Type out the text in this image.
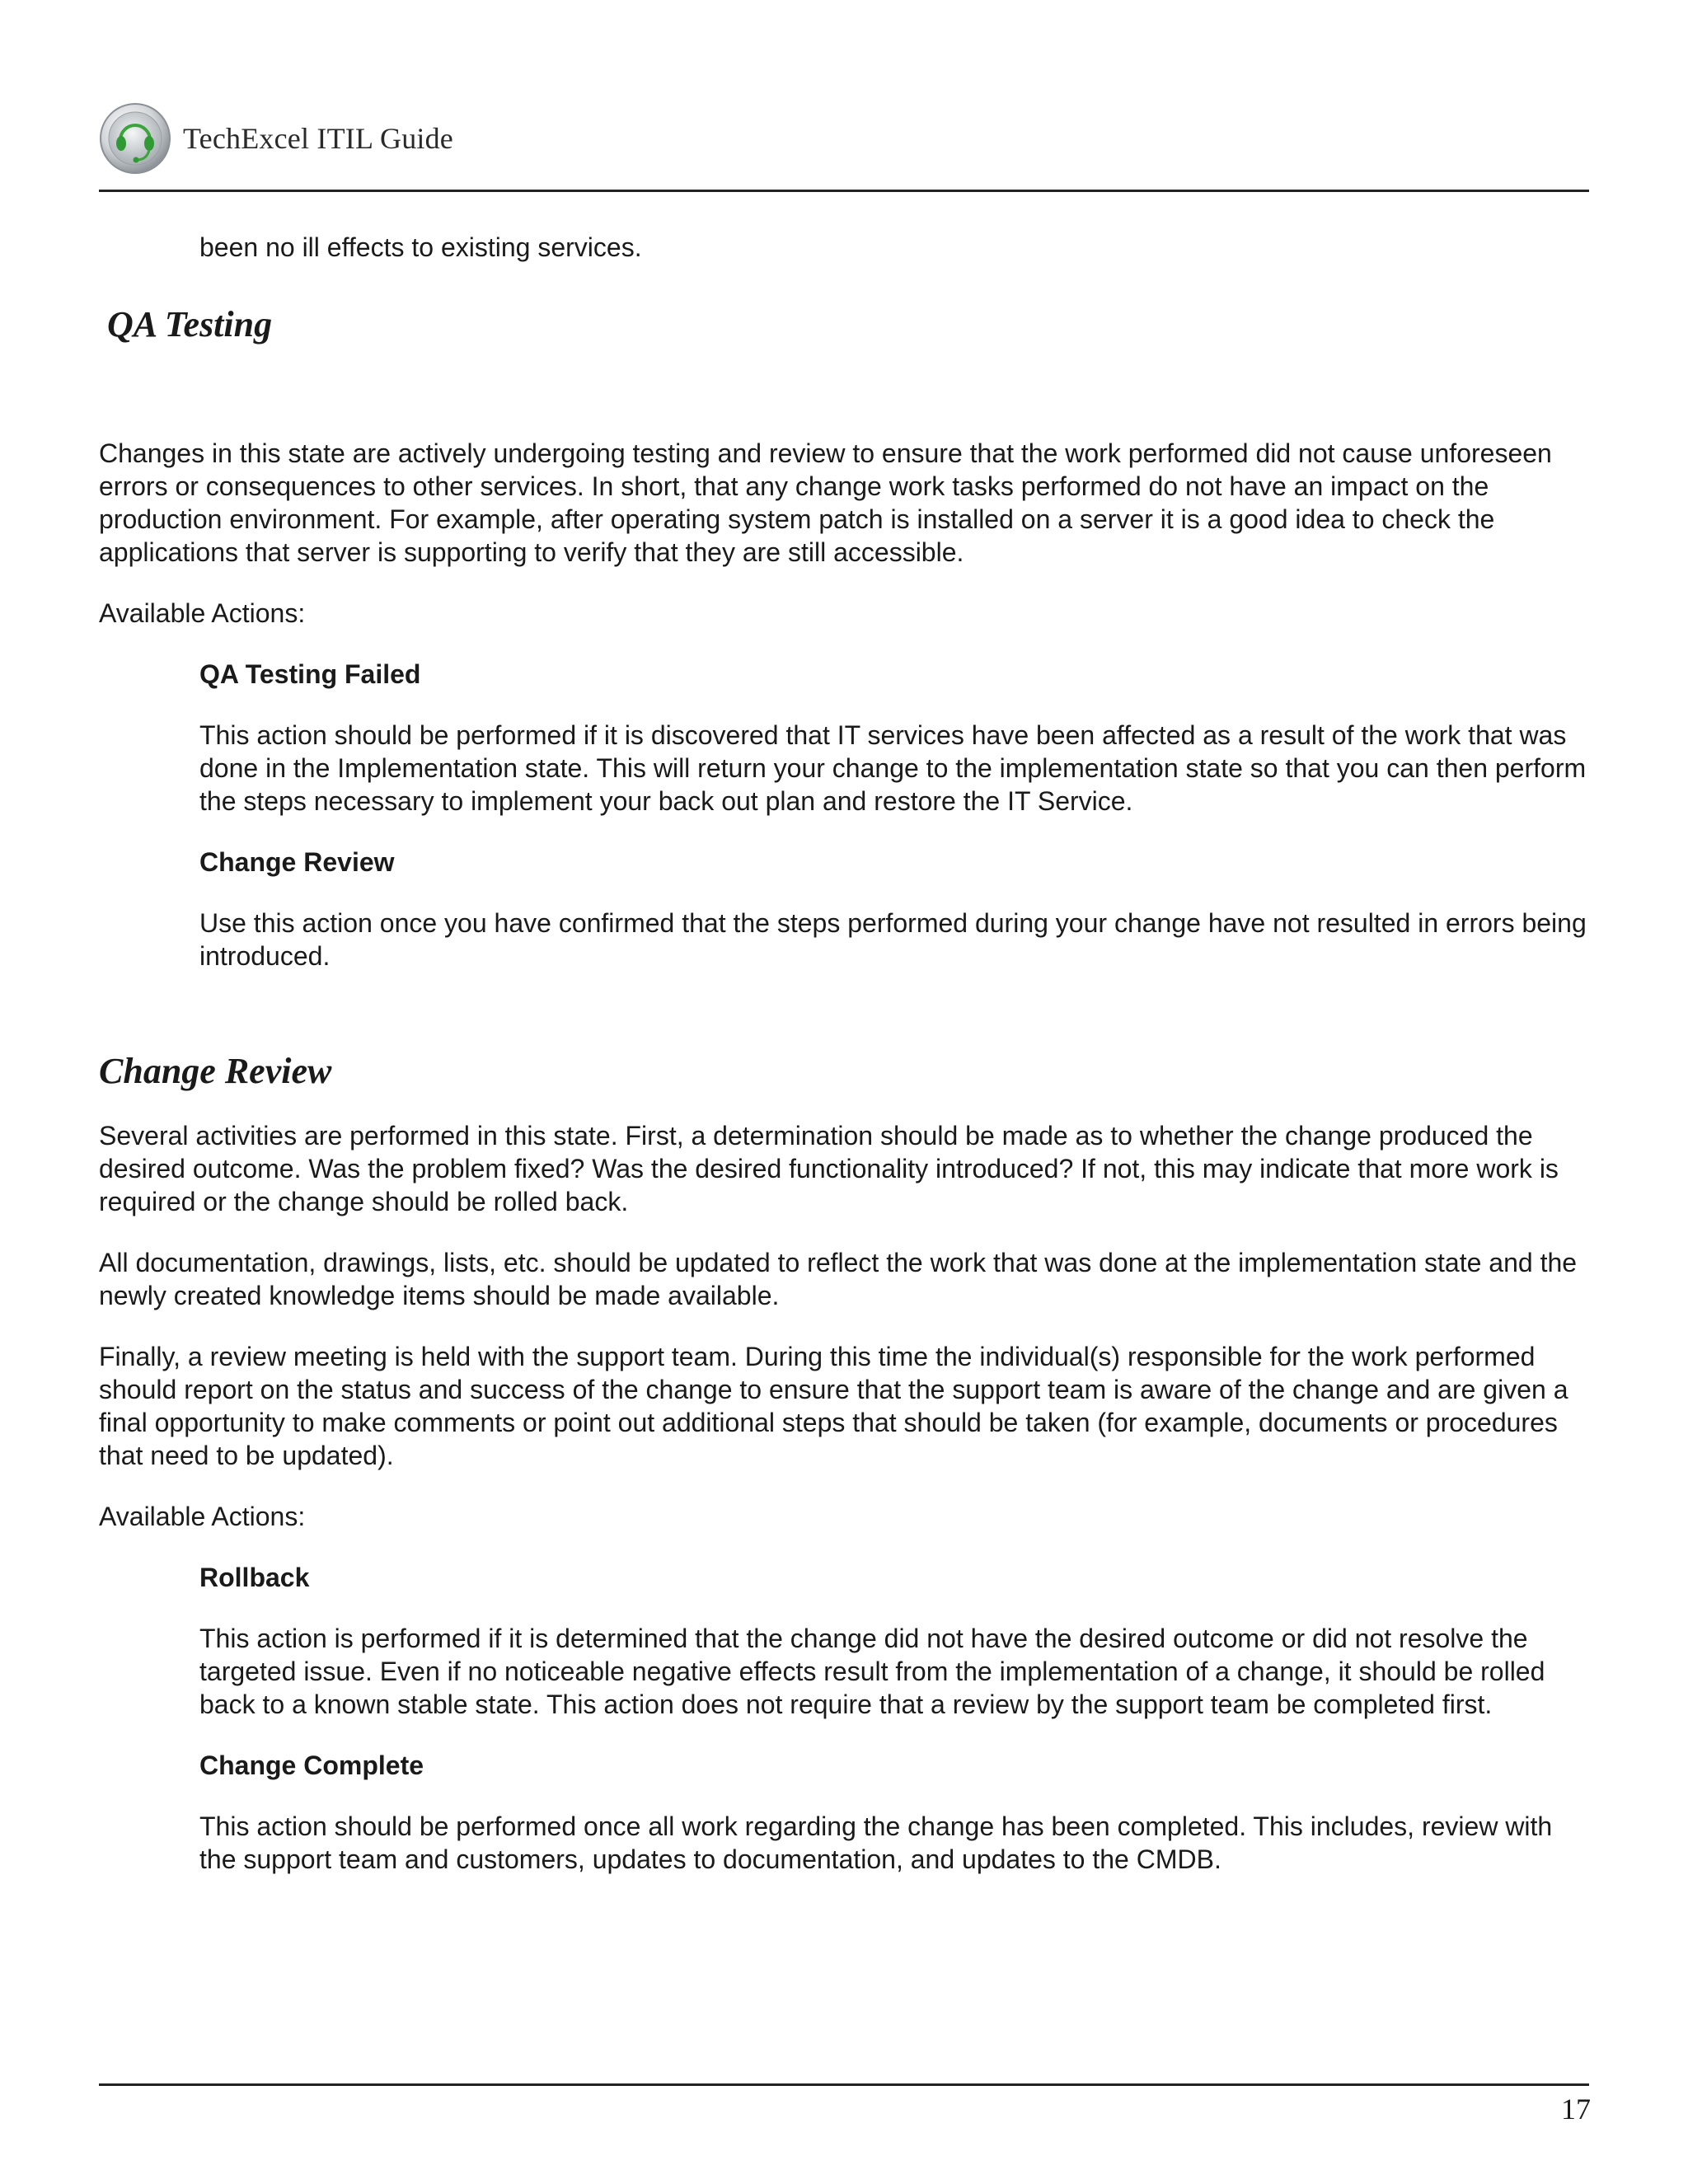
TechExcel ITIL Guide

been no ill effects to existing services.

QA Testing

Changes in this state are actively undergoing testing and review to ensure that the work performed did not cause unforeseen errors or consequences to other services. In short, that any change work tasks performed do not have an impact on the production environment. For example, after operating system patch is installed on a server it is a good idea to check the applications that server is supporting to verify that they are still accessible.

Available Actions:

QA Testing Failed

This action should be performed if it is discovered that IT services have been affected as a result of the work that was done in the Implementation state. This will return your change to the implementation state so that you can then perform the steps necessary to implement your back out plan and restore the IT Service.

Change Review

Use this action once you have confirmed that the steps performed during your change have not resulted in errors being introduced.

Change Review

Several activities are performed in this state. First, a determination should be made as to whether the change produced the desired outcome. Was the problem fixed? Was the desired functionality introduced? If not, this may indicate that more work is required or the change should be rolled back.

All documentation, drawings, lists, etc. should be updated to reflect the work that was done at the implementation state and the newly created knowledge items should be made available.

Finally, a review meeting is held with the support team. During this time the individual(s) responsible for the work performed should report on the status and success of the change to ensure that the support team is aware of the change and are given a final opportunity to make comments or point out additional steps that should be taken (for example, documents or procedures that need to be updated).

Available Actions:

Rollback

This action is performed if it is determined that the change did not have the desired outcome or did not resolve the targeted issue. Even if no noticeable negative effects result from the implementation of a change, it should be rolled back to a known stable state. This action does not require that a review by the support team be completed first.

Change Complete

This action should be performed once all work regarding the change has been completed. This includes, review with the support team and customers, updates to documentation, and updates to the CMDB.

17
